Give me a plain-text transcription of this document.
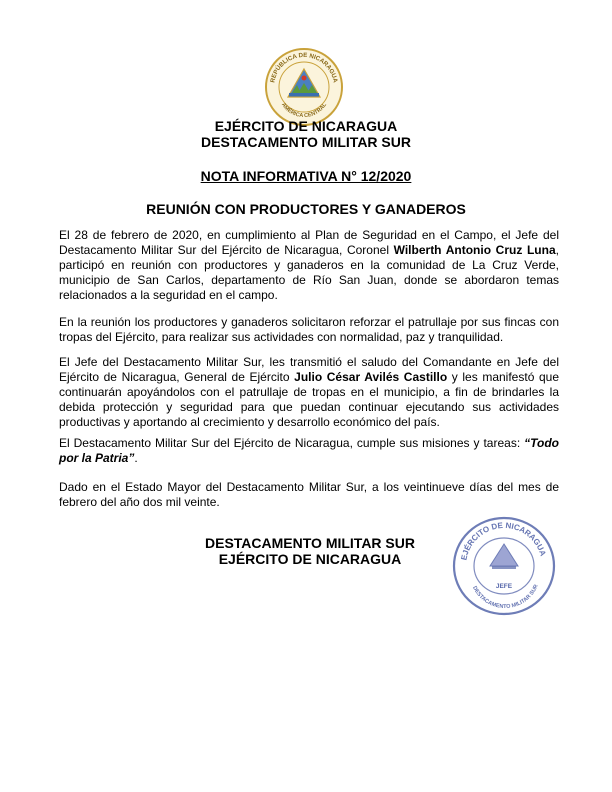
REPÚBLICA DE NICARAGUA
AMÉRICA CENTRAL
EJÉRCITO DE NICARAGUA
DESTACAMENTO MILITAR SUR
NOTA INFORMATIVA N° 12/2020
REUNIÓN CON PRODUCTORES Y GANADEROS
El 28 de febrero de 2020, en cumplimiento al Plan de Seguridad en el Campo, el Jefe del Destacamento Militar Sur del Ejército de Nicaragua, Coronel Wilberth Antonio Cruz Luna, participó en reunión con productores y ganaderos en la comunidad de La Cruz Verde, municipio de San Carlos, departamento de Río San Juan, donde se abordaron temas relacionados a la seguridad en el campo.
En la reunión los productores y ganaderos solicitaron reforzar el patrullaje por sus fincas con tropas del Ejército, para realizar sus actividades con normalidad, paz y tranquilidad.
El Jefe del Destacamento Militar Sur, les transmitió el saludo del Comandante en Jefe del Ejército de Nicaragua, General de Ejército Julio César Avilés Castillo y les manifestó que continuarán apoyándolos con el patrullaje de tropas en el municipio, a fin de brindarles la debida protección y seguridad para que puedan continuar ejecutando sus actividades productivas y aportando al crecimiento y desarrollo económico del país.
El Destacamento Militar Sur del Ejército de Nicaragua, cumple sus misiones y tareas: “Todo por la Patria”.
Dado en el Estado Mayor del Destacamento Militar Sur, a los veintinueve días del mes de febrero del año dos mil veinte.
DESTACAMENTO MILITAR SUR
EJÉRCITO DE NICARAGUA	EJÉRCITO DE NICARAGUA
DESTACAMENTO MILITAR SUR
JEFE
